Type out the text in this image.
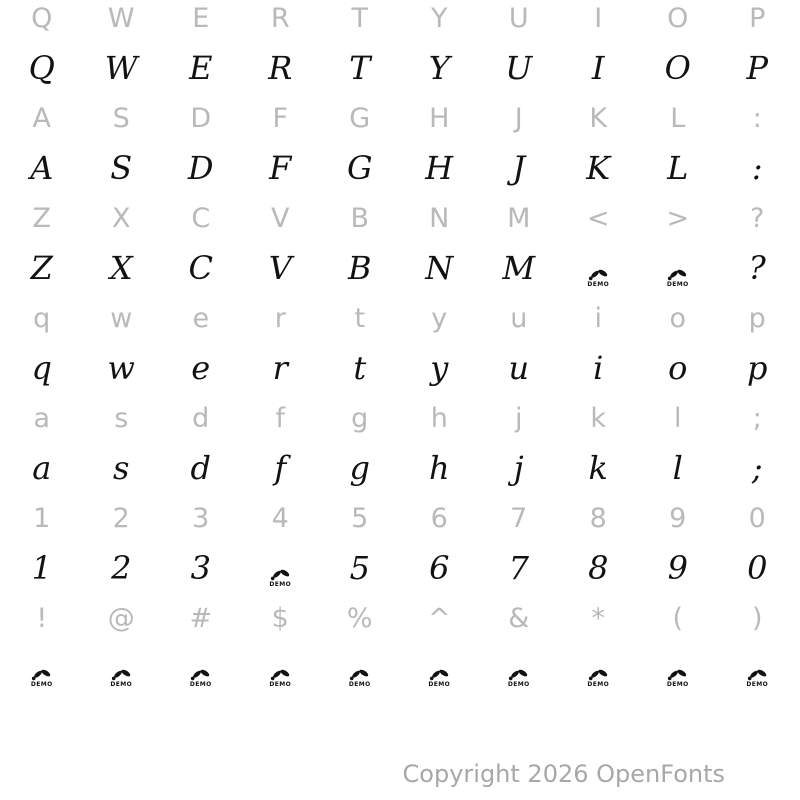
Q W E R T Y U I O P
Q W E R T Y U I O P
A S D F G H J K L :
A S D F G H J K L :
Z X C V B N M < > ?
Z X C V B N M	DEMO	DEMO ?
q w e r	t y u i o p
q w e r t y u i o p
a s d f g h j	k	l	;
a s d f g h j k l ;
1 2 3 4 5 6 7 8 9 0
1 2 3	DEMO 5 6 7 8 9 0
! @ # $ % ^ & * (	)
DEMO	DEMO	DEMO	DEMO	DEMO	DEMO	DEMO	DEMO	DEMO	DEMO
Copyright 2026 OpenFonts
